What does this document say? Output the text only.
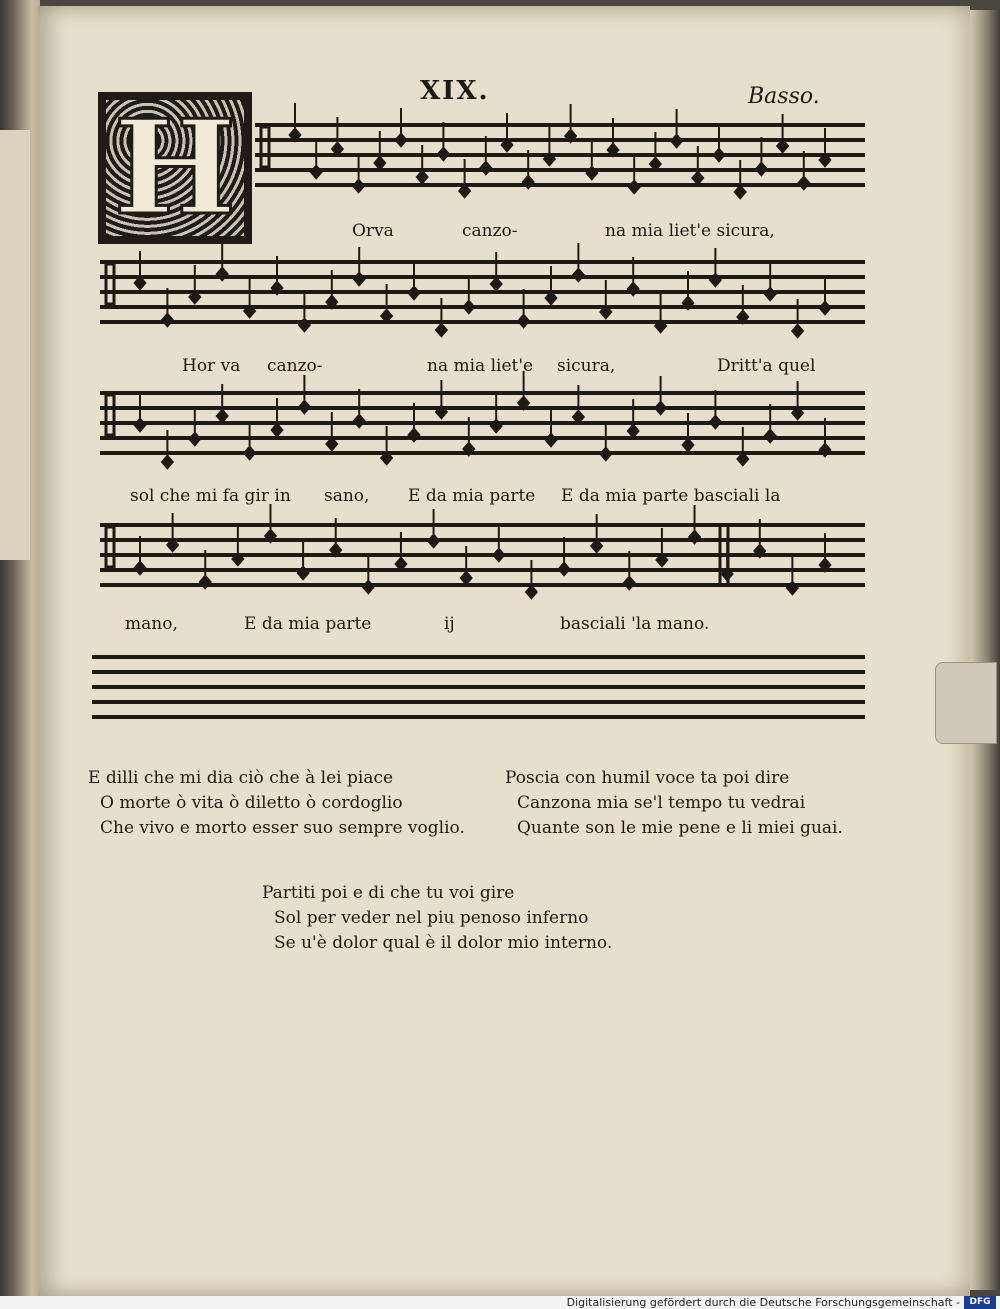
XIX.	Basso.
H	Orva	canzo-	na mia liet'e sicura,
Hor va canzo-	na mia liet'e sicura,	Dritt'a quel
sol che mi fa gir in sano, E da mia parte E da mia parte basciali la
mano,	E da mia parte	ij	basciali 'la mano.
E dilli che mi dia ciò che à lei piace
O morte ò vita ò diletto ò cordoglio
Che vivo e morto esser suo sempre voglio.
Poscia con humil voce ta poi dire
Canzona mia se'l tempo tu vedrai
Quante son le mie pene e li miei guai.
Partiti poi e di che tu voi gire
Sol per veder nel piu penoso inferno
Se u'è dolor qual è il dolor mio interno.
Digitalisierung gefördert durch die Deutsche Forschungsgemeinschaft -	DFG
